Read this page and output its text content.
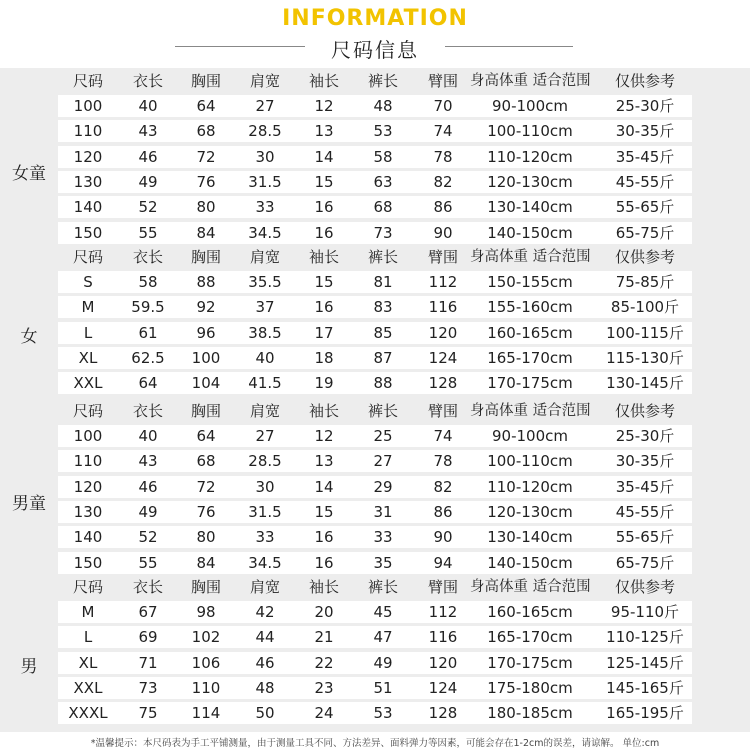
INFORMATION
尺码信息
尺码	衣长	胸围	肩宽	袖长	裤长	臂围 身高体重 适合范围	仅供参考
100	40	64	27	12	48	70	90-100cm	25-30斤
110	43	68	28.5	13	53	74	100-110cm	30-35斤
120	46	72	30	14	58	78	110-120cm	35-45斤
130	49	76	31.5	15	63	82	120-130cm	45-55斤
140	52	80	33	16	68	86	130-140cm	55-65斤
150	55	84	34.5	16	73	90	140-150cm	65-75斤
女童
尺码	衣长	胸围	肩宽	袖长	裤长	臂围 身高体重 适合范围	仅供参考
S	58	88	35.5	15	81	112	150-155cm	75-85斤
M	59.5	92	37	16	83	116	155-160cm	85-100斤
L	61	96	38.5	17	85	120	160-165cm	100-115斤
XL	62.5	100	40	18	87	124	165-170cm	115-130斤
XXL	64	104	41.5	19	88	128	170-175cm	130-145斤
女
尺码	衣长	胸围	肩宽	袖长	裤长	臂围 身高体重 适合范围	仅供参考
100	40	64	27	12	25	74	90-100cm	25-30斤
110	43	68	28.5	13	27	78	100-110cm	30-35斤
120	46	72	30	14	29	82	110-120cm	35-45斤
130	49	76	31.5	15	31	86	120-130cm	45-55斤
140	52	80	33	16	33	90	130-140cm	55-65斤
150	55	84	34.5	16	35	94	140-150cm	65-75斤
男童
尺码	衣长	胸围	肩宽	袖长	裤长	臂围 身高体重 适合范围	仅供参考
M	67	98	42	20	45	112	160-165cm	95-110斤
L	69	102	44	21	47	116	165-170cm	110-125斤
XL	71	106	46	22	49	120	170-175cm	125-145斤
XXL	73	110	48	23	51	124	175-180cm	145-165斤
XXXL	75	114	50	24	53	128	180-185cm	165-195斤
男
*温馨提示：本尺码表为手工平铺测量，由于测量工具不同、方法差异、面料弹力等因素，可能会存在1-2cm的误差，请谅解。 单位:cm
